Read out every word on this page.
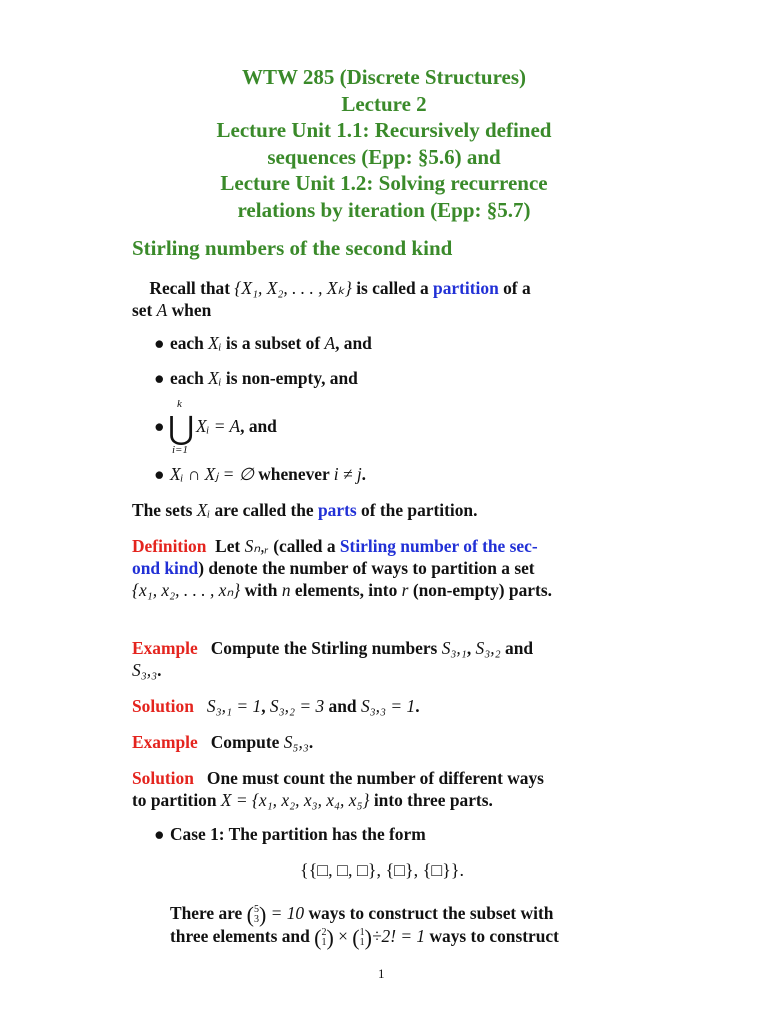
WTW 285 (Discrete Structures)
Lecture 2
Lecture Unit 1.1: Recursively defined
sequences (Epp: §5.6) and
Lecture Unit 1.2: Solving recurrence
relations by iteration (Epp: §5.7)
Stirling numbers of the second kind
Recall that {X₁, X₂, . . . , Xₖ} is called a partition of a
set A when
● each Xᵢ is a subset of A, and
● each Xᵢ is non-empty, and
●
k
⋃
i=1
Xᵢ = A, and
● Xᵢ ∩ Xⱼ = ∅ whenever i ≠ j.
The sets Xᵢ are called the parts of the partition.
Definition Let Sₙ,ᵣ (called a Stirling number of the sec-
ond kind) denote the number of ways to partition a set
{x₁, x₂, . . . , xₙ} with n elements, into r (non-empty) parts.
Example Compute the Stirling numbers S₃,₁, S₃,₂ and
S₃,₃.
Solution S₃,₁ = 1, S₃,₂ = 3 and S₃,₃ = 1.
Example Compute S₅,₃.
Solution One must count the number of different ways
to partition X = {x₁, x₂, x₃, x₄, x₅} into three parts.
● Case 1: The partition has the form
{{□, □, □}, {□}, {□}}.
There are ( 5
3 ) = 10 ways to construct the subset with
three elements and ( 2
1 ) × ( 1
1 )÷2! = 1 ways to construct
1
